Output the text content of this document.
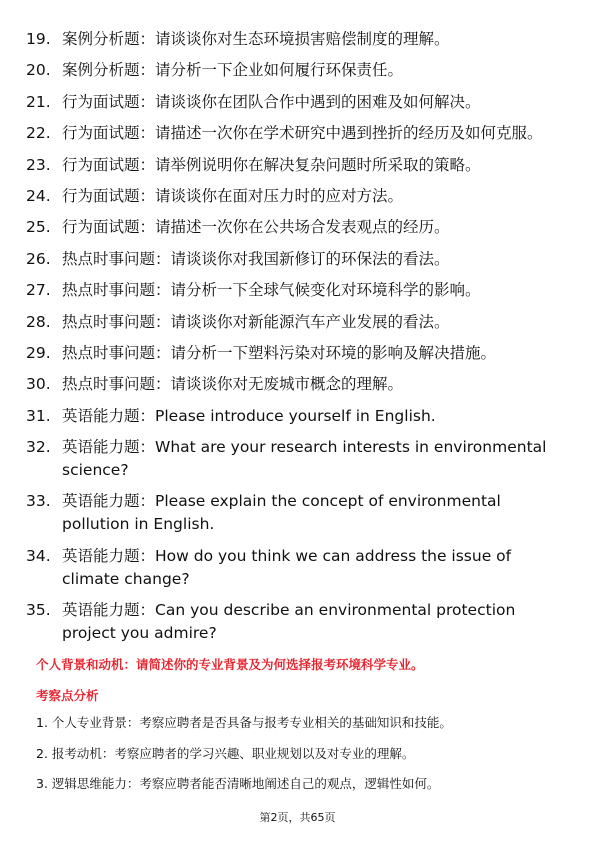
19. 案例分析题：请谈谈你对生态环境损害赔偿制度的理解。
20. 案例分析题：请分析一下企业如何履行环保责任。
21. 行为面试题：请谈谈你在团队合作中遇到的困难及如何解决。
22. 行为面试题：请描述一次你在学术研究中遇到挫折的经历及如何克服。
23. 行为面试题：请举例说明你在解决复杂问题时所采取的策略。
24. 行为面试题：请谈谈你在面对压力时的应对方法。
25. 行为面试题：请描述一次你在公共场合发表观点的经历。
26. 热点时事问题：请谈谈你对我国新修订的环保法的看法。
27. 热点时事问题：请分析一下全球气候变化对环境科学的影响。
28. 热点时事问题：请谈谈你对新能源汽车产业发展的看法。
29. 热点时事问题：请分析一下塑料污染对环境的影响及解决措施。
30. 热点时事问题：请谈谈你对无废城市概念的理解。
31. 英语能力题：Please introduce yourself in English.
32. 英语能力题：What are your research interests in environmental science?
33. 英语能力题：Please explain the concept of environmental pollution in English.
34. 英语能力题：How do you think we can address the issue of climate change?
35. 英语能力题：Can you describe an environmental protection project you admire?
个人背景和动机：请简述你的专业背景及为何选择报考环境科学专业。
考察点分析
1. 个人专业背景：考察应聘者是否具备与报考专业相关的基础知识和技能。
2. 报考动机：考察应聘者的学习兴趣、职业规划以及对专业的理解。
3. 逻辑思维能力：考察应聘者能否清晰地阐述自己的观点，逻辑性如何。
第2页，共65页
